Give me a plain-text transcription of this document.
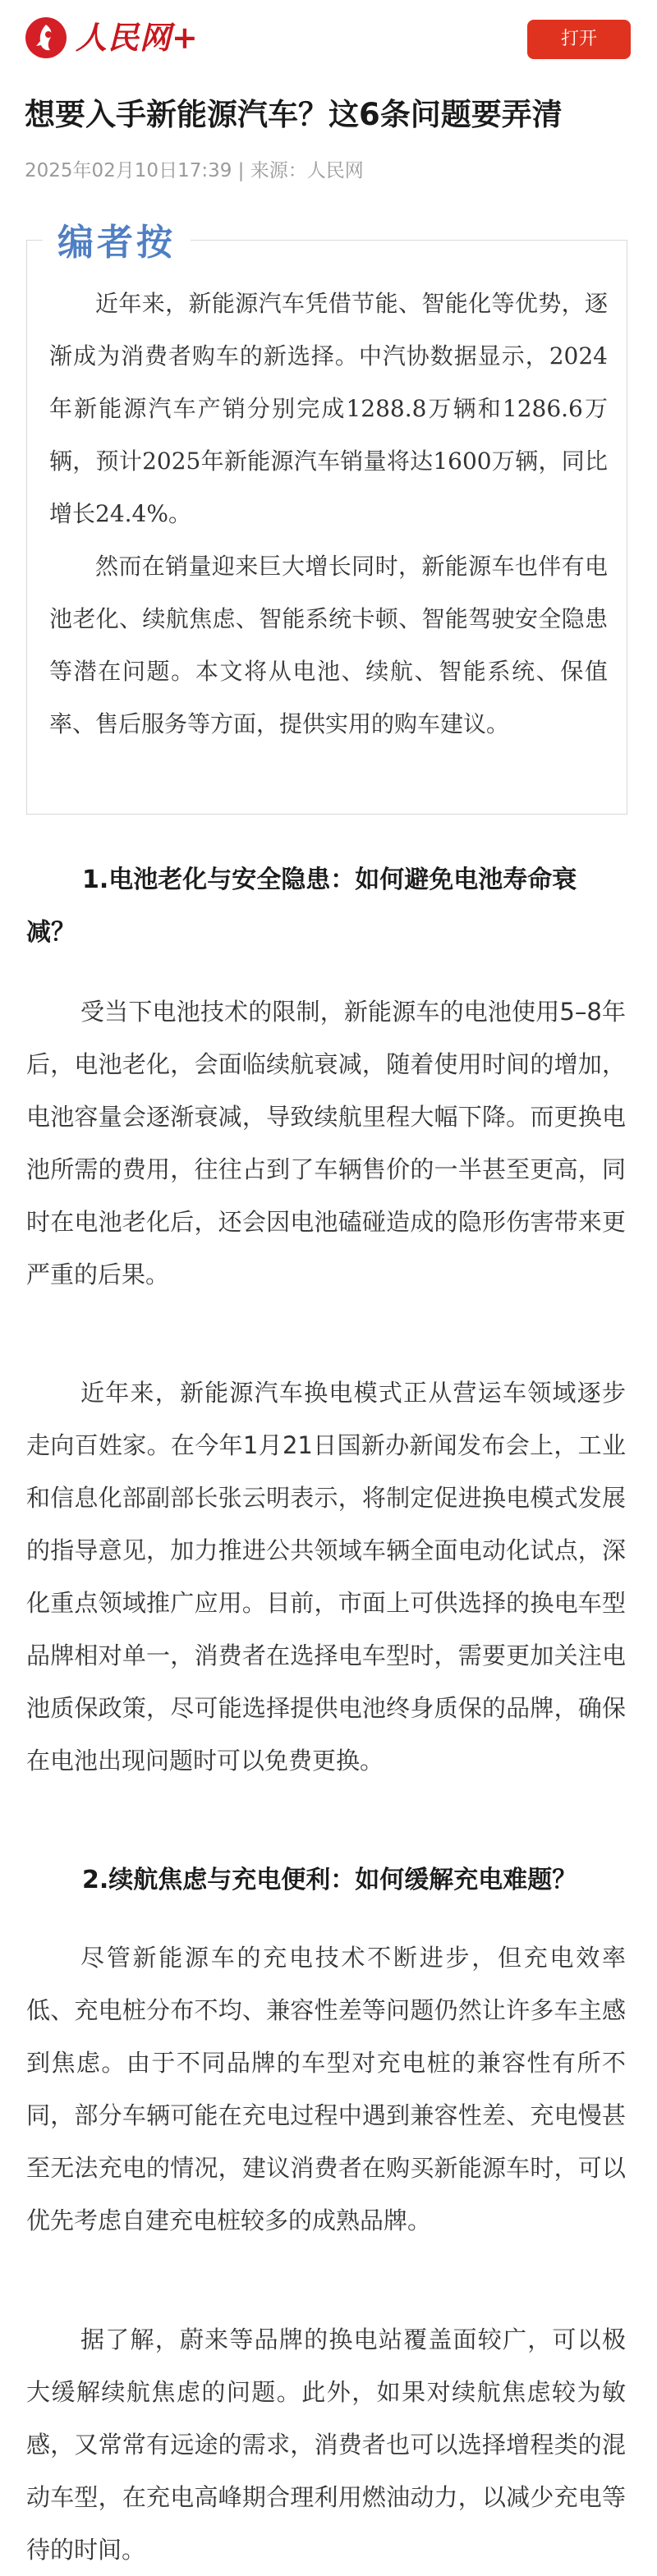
人民网+	打开
想要入手新能源汽车？这6条问题要弄清
2025年02月10日17:39 | 来源：人民网
编者按
近年来，新能源汽车凭借节能、智能化等优势，逐渐成为消费者购车的新选择。中汽协数据显示，2024年新能源汽车产销分别完成1288.8万辆和1286.6万辆，预计2025年新能源汽车销量将达1600万辆，同比增长24.4%。
然而在销量迎来巨大增长同时，新能源车也伴有电池老化、续航焦虑、智能系统卡顿、智能驾驶安全隐患等潜在问题。本文将从电池、续航、智能系统、保值率、售后服务等方面，提供实用的购车建议。
1.电池老化与安全隐患：如何避免电池寿命衰减？

受当下电池技术的限制，新能源车的电池使用5–8年后，电池老化，会面临续航衰减，随着使用时间的增加，电池容量会逐渐衰减，导致续航里程大幅下降。而更换电池所需的费用，往往占到了车辆售价的一半甚至更高，同时在电池老化后，还会因电池磕碰造成的隐形伤害带来更严重的后果。

近年来，新能源汽车换电模式正从营运车领域逐步走向百姓家。在今年1月21日国新办新闻发布会上，工业和信息化部副部长张云明表示，将制定促进换电模式发展的指导意见，加力推进公共领域车辆全面电动化试点，深化重点领域推广应用。目前，市面上可供选择的换电车型品牌相对单一，消费者在选择电车型时，需要更加关注电池质保政策，尽可能选择提供电池终身质保的品牌，确保在电池出现问题时可以免费更换。

2.续航焦虑与充电便利：如何缓解充电难题？

尽管新能源车的充电技术不断进步，但充电效率低、充电桩分布不均、兼容性差等问题仍然让许多车主感到焦虑。由于不同品牌的车型对充电桩的兼容性有所不同，部分车辆可能在充电过程中遇到兼容性差、充电慢甚至无法充电的情况，建议消费者在购买新能源车时，可以优先考虑自建充电桩较多的成熟品牌。

据了解，蔚来等品牌的换电站覆盖面较广，可以极大缓解续航焦虑的问题。此外，如果对续航焦虑较为敏感，又常常有远途的需求，消费者也可以选择增程类的混动车型，在充电高峰期合理利用燃油动力，以减少充电等待的时间。
